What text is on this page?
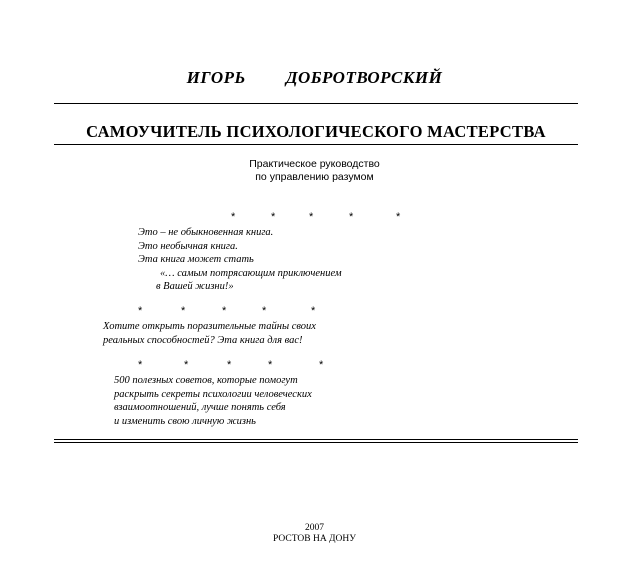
ИГОРЬ ДОБРОТВОРСКИЙ
САМОУЧИТЕЛЬ ПСИХОЛОГИЧЕСКОГО МАСТЕРСТВА
Практическое руководство
по управлению разумом
*	*	*	*	*
Это – не обыкновенная книга.
Это необычная книга.
Эта книга может стать
«… самым потрясающим приключением
в Вашей жизни!»
*	*	*	*	*
Хотите открыть поразительные тайны своих
реальных способностей? Эта книга для вас!
*	*	*	*	*
500 полезных советов, которые помогут
раскрыть секреты психологии человеческих
взаимоотношений, лучше понять себя
и изменить свою личную жизнь
2007
РОСТОВ НА ДОНУ
